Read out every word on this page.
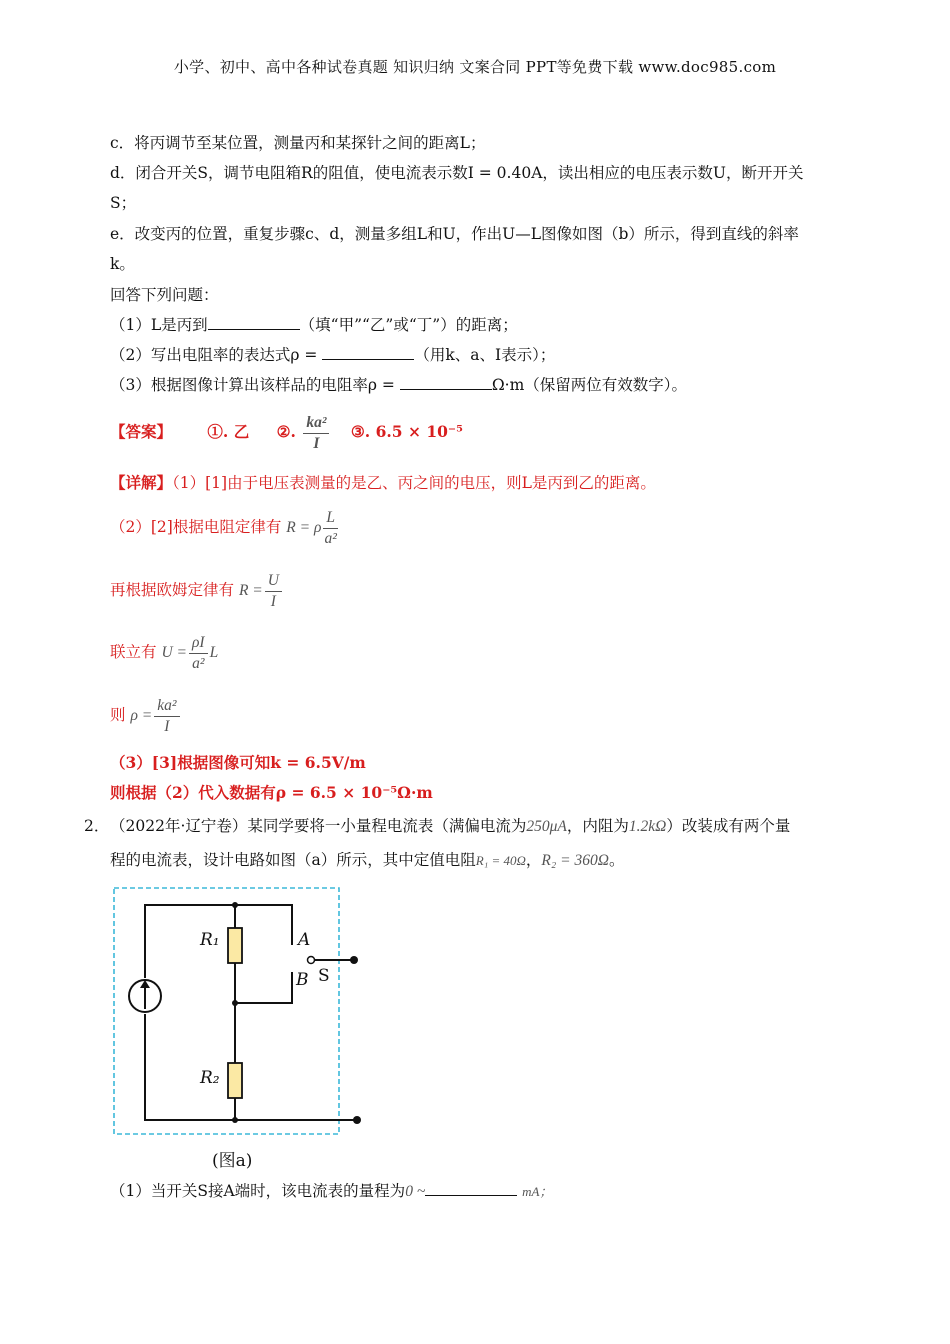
小学、初中、高中各种试卷真题 知识归纳 文案合同 PPT等免费下载 www.doc985.com
c．将丙调节至某位置，测量丙和某探针之间的距离L；
d．闭合开关S，调节电阻箱R的阻值，使电流表示数I = 0.40A，读出相应的电压表示数U，断开开关
S；
e．改变丙的位置，重复步骤c、d，测量多组L和U，作出U—L图像如图（b）所示，得到直线的斜率
k。
回答下列问题：
（1）L是丙到	（填“甲”“乙”或“丁”）的距离；
（2）写出电阻率的表达式ρ =	（用k、a、I表示）；
（3）根据图像计算出该样品的电阻率ρ =	Ω·m（保留两位有效数字）。
【答案】 ①. 乙 ②. $\frac{\text{ka²}}{I}$ ③. 6.5 × 10⁻⁵
【详解】（1）[1]由于电压表测量的是乙、丙之间的电压，则L是丙到乙的距离。
（2）[2]根据电阻定律有 R = ρ $\frac{L}{\text{a²}}$
再根据欧姆定律有 $R = \frac{U}{I}$
联立有 $U = \frac{\rho I}{\text{a²}}$ L
则 $\rho = \frac{\text{ka²}}{I}$
（3）[3]根据图像可知k = 6.5V/m
则根据（2）代入数据有ρ = 6.5 × 10⁻⁵Ω·m
2． （2022年·辽宁卷）某同学要将一小量程电流表（满偏电流为250μA，内阻为1.2kΩ）改装成有两个量
程的电流表，设计电路如图（a）所示，其中定值电阻R₁ = 40Ω，R₂ = 360Ω。
R₁
R₂
A
B S
(图a)
（1）当开关S接A端时，该电流表的量程为0 ~	mA；
